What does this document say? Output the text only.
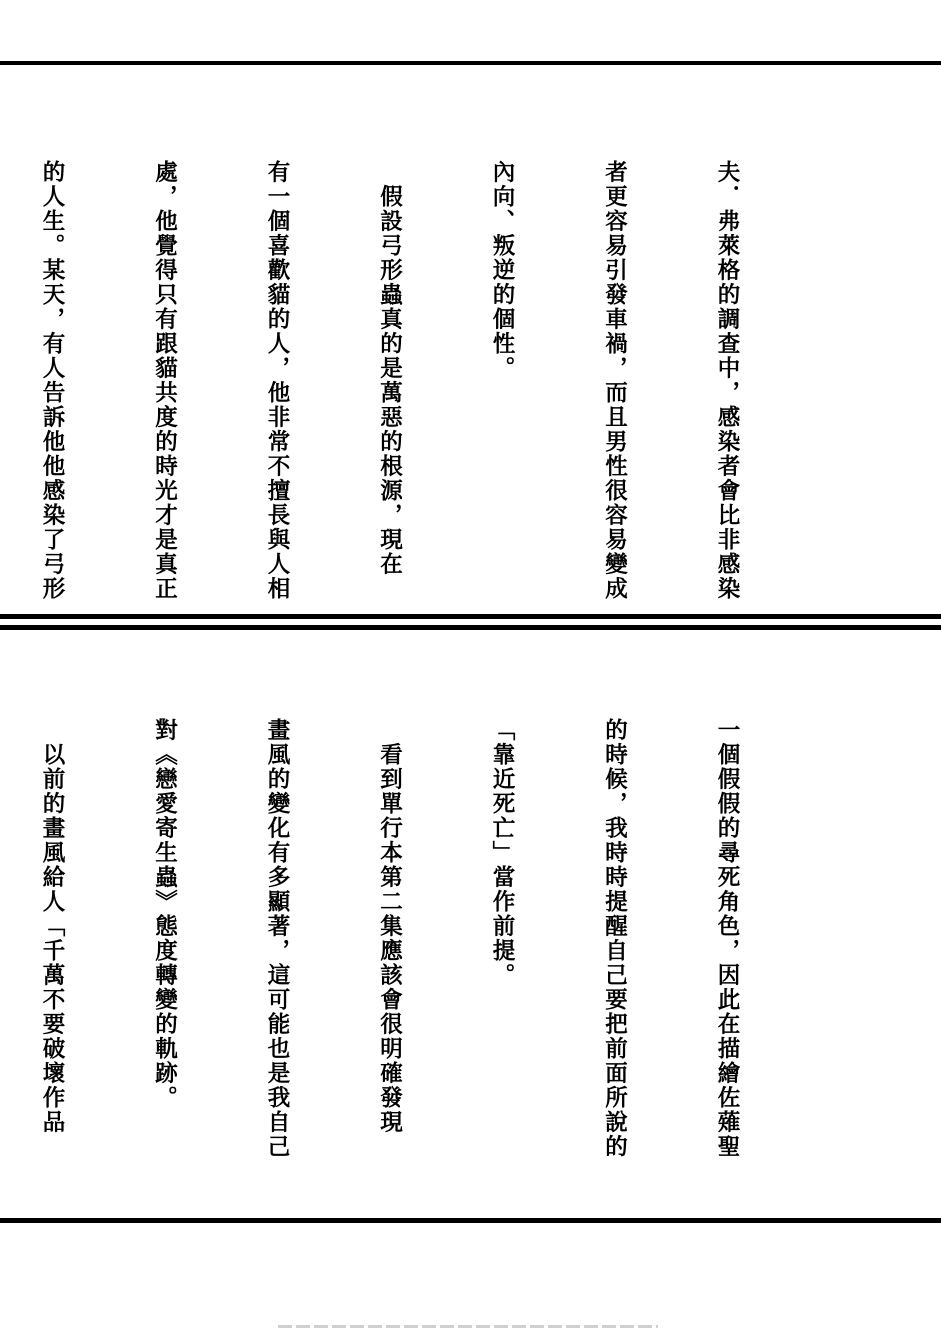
夫．弗萊格的調查中，感染者會比非感染

者更容易引發車禍，而且男性很容易變成

內向、叛逆的個性。

　假設弓形蟲真的是萬惡的根源，現在

有一個喜歡貓的人，他非常不擅長與人相

處，他覺得只有跟貓共度的時光才是真正

的人生。某天，有人告訴他他感染了弓形

一個假假的尋死角色，因此在描繪佐薙聖

的時候，我時時提醒自己要把前面所說的

「靠近死亡」當作前提。

　看到單行本第二集應該會很明確發現

畫風的變化有多顯著，這可能也是我自己

對《戀愛寄生蟲》態度轉變的軌跡。

　以前的畫風給人「千萬不要破壞作品
